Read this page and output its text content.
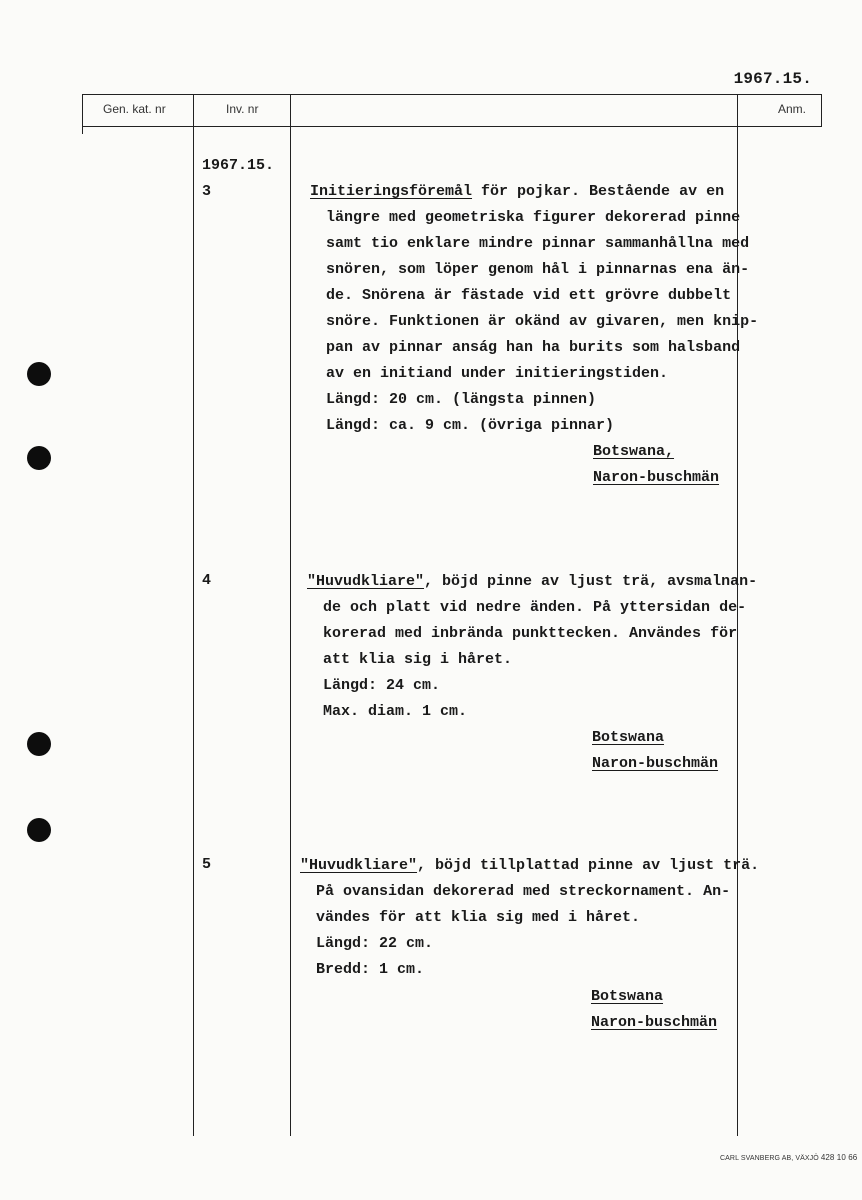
1967.15.
Gen. kat. nr	Inv. nr	Anm.
1967.15.
3	Initieringsföremål för pojkar. Bestående av en
längre med geometriska figurer dekorerad pinne
samt tio enklare mindre pinnar sammanhållna med
snören, som löper genom hål i pinnarnas ena än-
de. Snörena är fästade vid ett grövre dubbelt
snöre. Funktionen är okänd av givaren, men knip-
pan av pinnar anság han ha burits som halsband
av en initiand under initieringstiden.
Längd: 20 cm. (längsta pinnen)
Längd: ca. 9 cm. (övriga pinnar)
Botswana,
Naron-buschmän
4	"Huvudkliare", böjd pinne av ljust trä, avsmalnan-
de och platt vid nedre änden. På yttersidan de-
korerad med inbrända punkttecken. Användes för
att klia sig i håret.
Längd: 24 cm.
Max. diam. 1 cm.
Botswana
Naron-buschmän
5	"Huvudkliare", böjd tillplattad pinne av ljust trä.
På ovansidan dekorerad med streckornament. An-
vändes för att klia sig med i håret.
Längd: 22 cm.
Bredd: 1 cm.
Botswana
Naron-buschmän
CARL SVANBERG AB, VÄXJÖ 428 10 66
